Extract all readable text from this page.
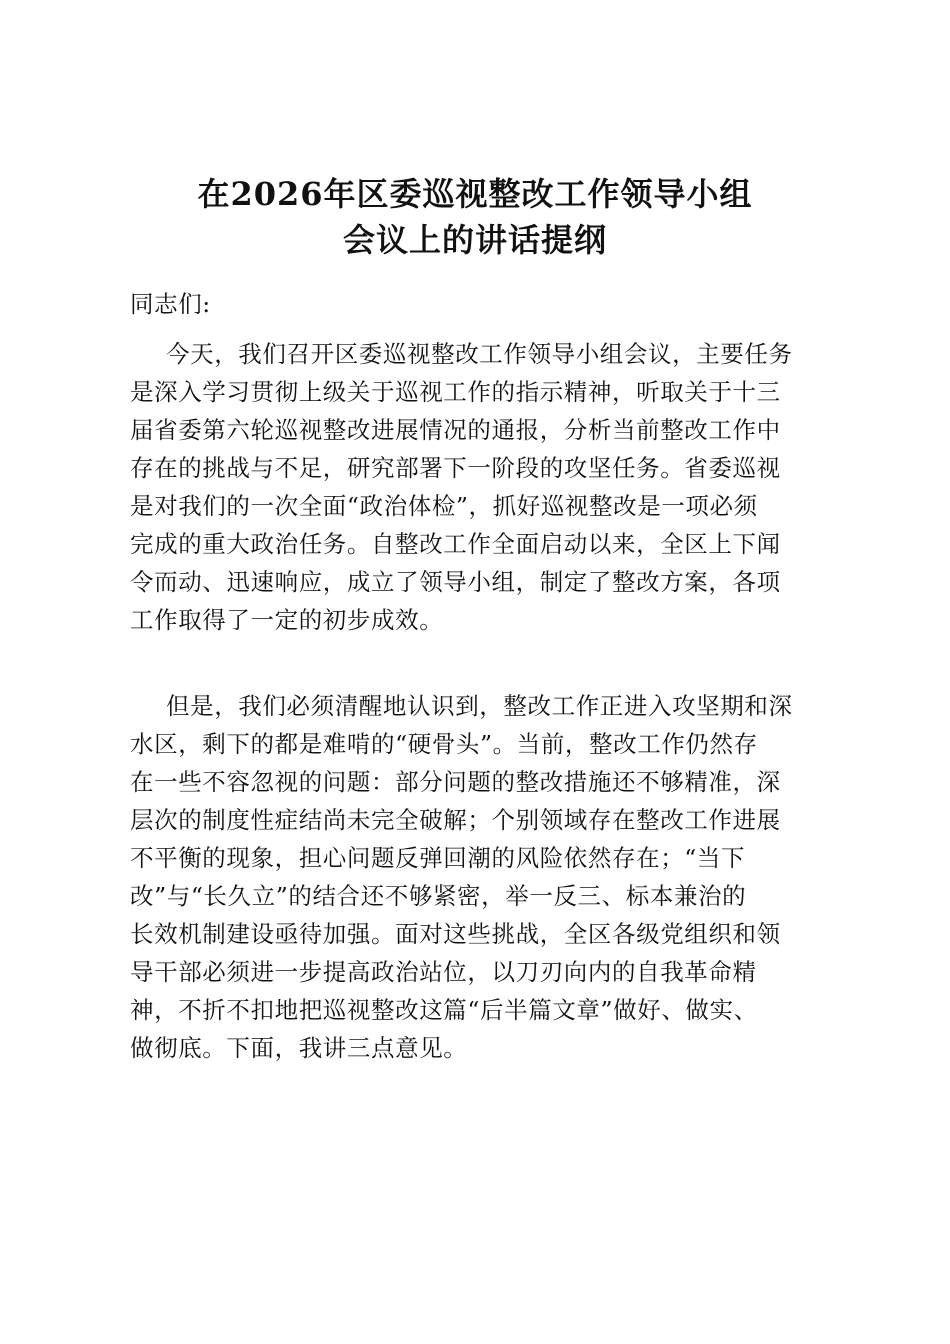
在2026年区委巡视整改工作领导小组
会议上的讲话提纲
同志们:
今天，我们召开区委巡视整改工作领导小组会议，主要任务
是深入学习贯彻上级关于巡视工作的指示精神，听取关于十三
届省委第六轮巡视整改进展情况的通报，分析当前整改工作中
存在的挑战与不足，研究部署下一阶段的攻坚任务。省委巡视
是对我们的一次全面“政治体检”，抓好巡视整改是一项必须
完成的重大政治任务。自整改工作全面启动以来，全区上下闻
令而动、迅速响应，成立了领导小组，制定了整改方案，各项
工作取得了一定的初步成效。
但是，我们必须清醒地认识到，整改工作正进入攻坚期和深
水区，剩下的都是难啃的“硬骨头”。当前，整改工作仍然存
在一些不容忽视的问题：部分问题的整改措施还不够精准，深
层次的制度性症结尚未完全破解；个别领域存在整改工作进展
不平衡的现象，担心问题反弹回潮的风险依然存在；“当下
改”与“长久立”的结合还不够紧密，举一反三、标本兼治的
长效机制建设亟待加强。面对这些挑战，全区各级党组织和领
导干部必须进一步提高政治站位，以刀刃向内的自我革命精
神，不折不扣地把巡视整改这篇“后半篇文章”做好、做实、
做彻底。下面，我讲三点意见。
